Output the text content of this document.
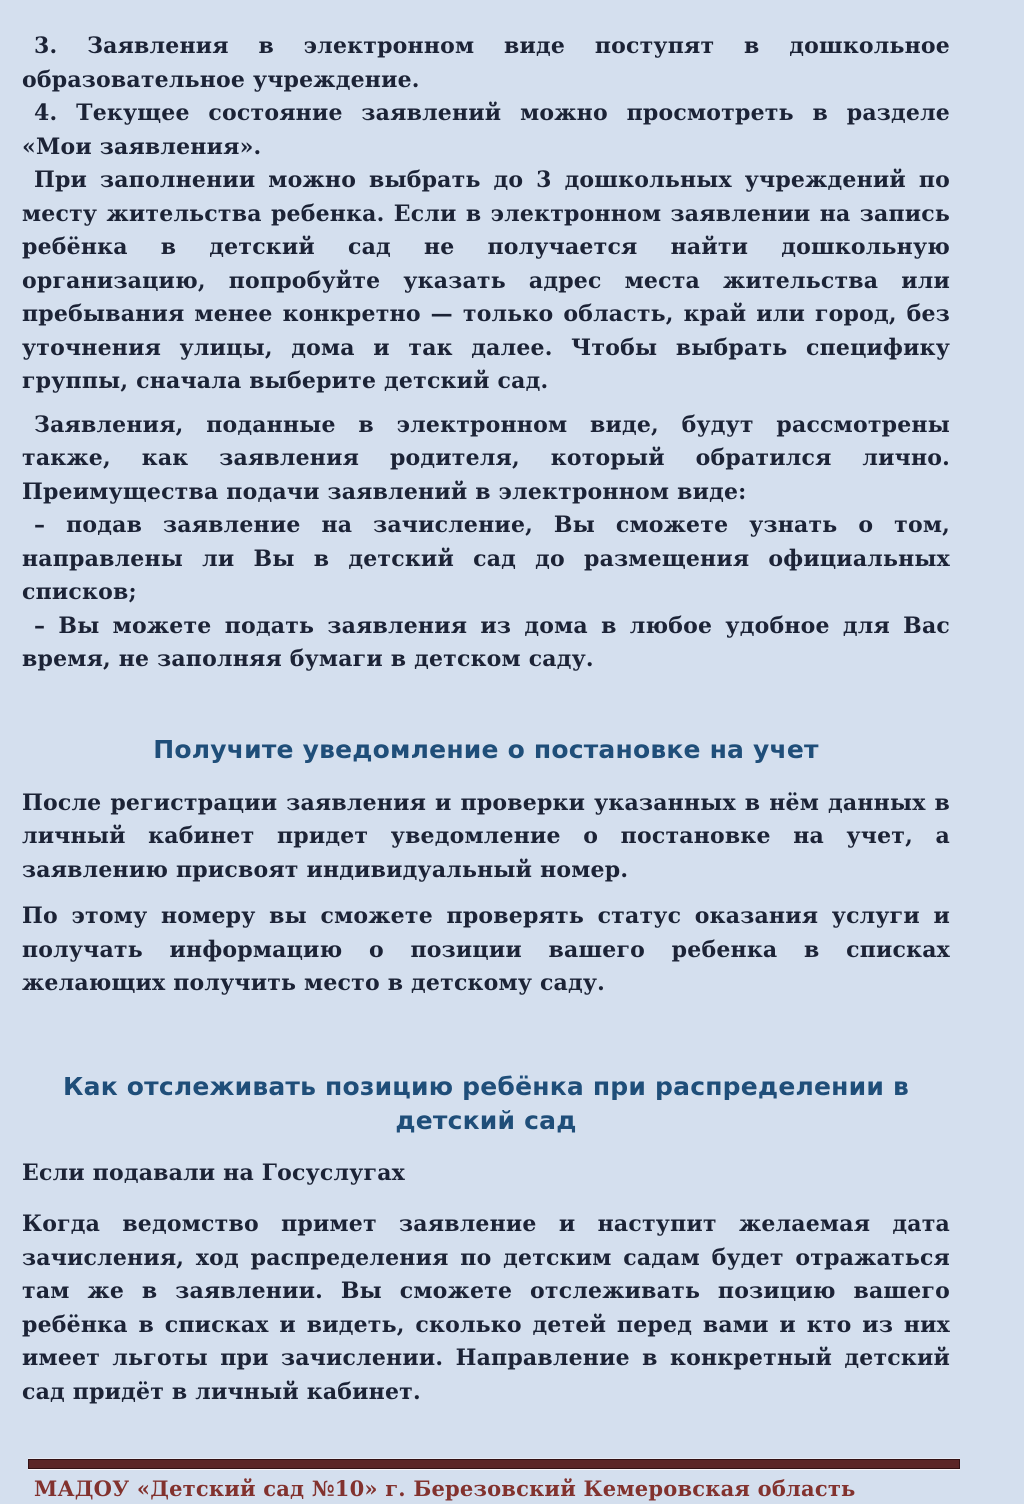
3. Заявления в электронном виде поступят в дошкольное образовательное учреждение.

4. Текущее состояние заявлений можно просмотреть в разделе «Мои заявления».

При заполнении можно выбрать до 3 дошкольных учреждений по месту жительства ребенка. Если в электронном заявлении на запись ребёнка в детский сад не получается найти дошкольную организацию, попробуйте указать адрес места жительства или пребывания менее конкретно — только область, край или город, без уточнения улицы, дома и так далее. Чтобы выбрать специфику группы, сначала выберите детский сад.

Заявления, поданные в электронном виде, будут рассмотрены также, как заявления родителя, который обратился лично. Преимущества подачи заявлений в электронном виде:

– подав заявление на зачисление, Вы сможете узнать о том, направлены ли Вы в детский сад до размещения официальных списков;

– Вы можете подать заявления из дома в любое удобное для Вас время, не заполняя бумаги в детском саду.

Получите уведомление о постановке на учет

После регистрации заявления и проверки указанных в нём данных в личный кабинет придет уведомление о постановке на учет, а заявлению присвоят индивидуальный номер.

По этому номеру вы сможете проверять статус оказания услуги и получать информацию о позиции вашего ребенка в списках желающих получить место в детскому саду.

Как отслеживать позицию ребёнка при распределении в детский сад

Если подавали на Госуслугах

Когда ведомство примет заявление и наступит желаемая дата зачисления, ход распределения по детским садам будет отражаться там же в заявлении. Вы сможете отслеживать позицию вашего ребёнка в списках и видеть, сколько детей перед вами и кто из них имеет льготы при зачислении. Направление в конкретный детский сад придёт в личный кабинет.

МАДОУ «Детский сад №10» г. Березовский Кемеровская область
